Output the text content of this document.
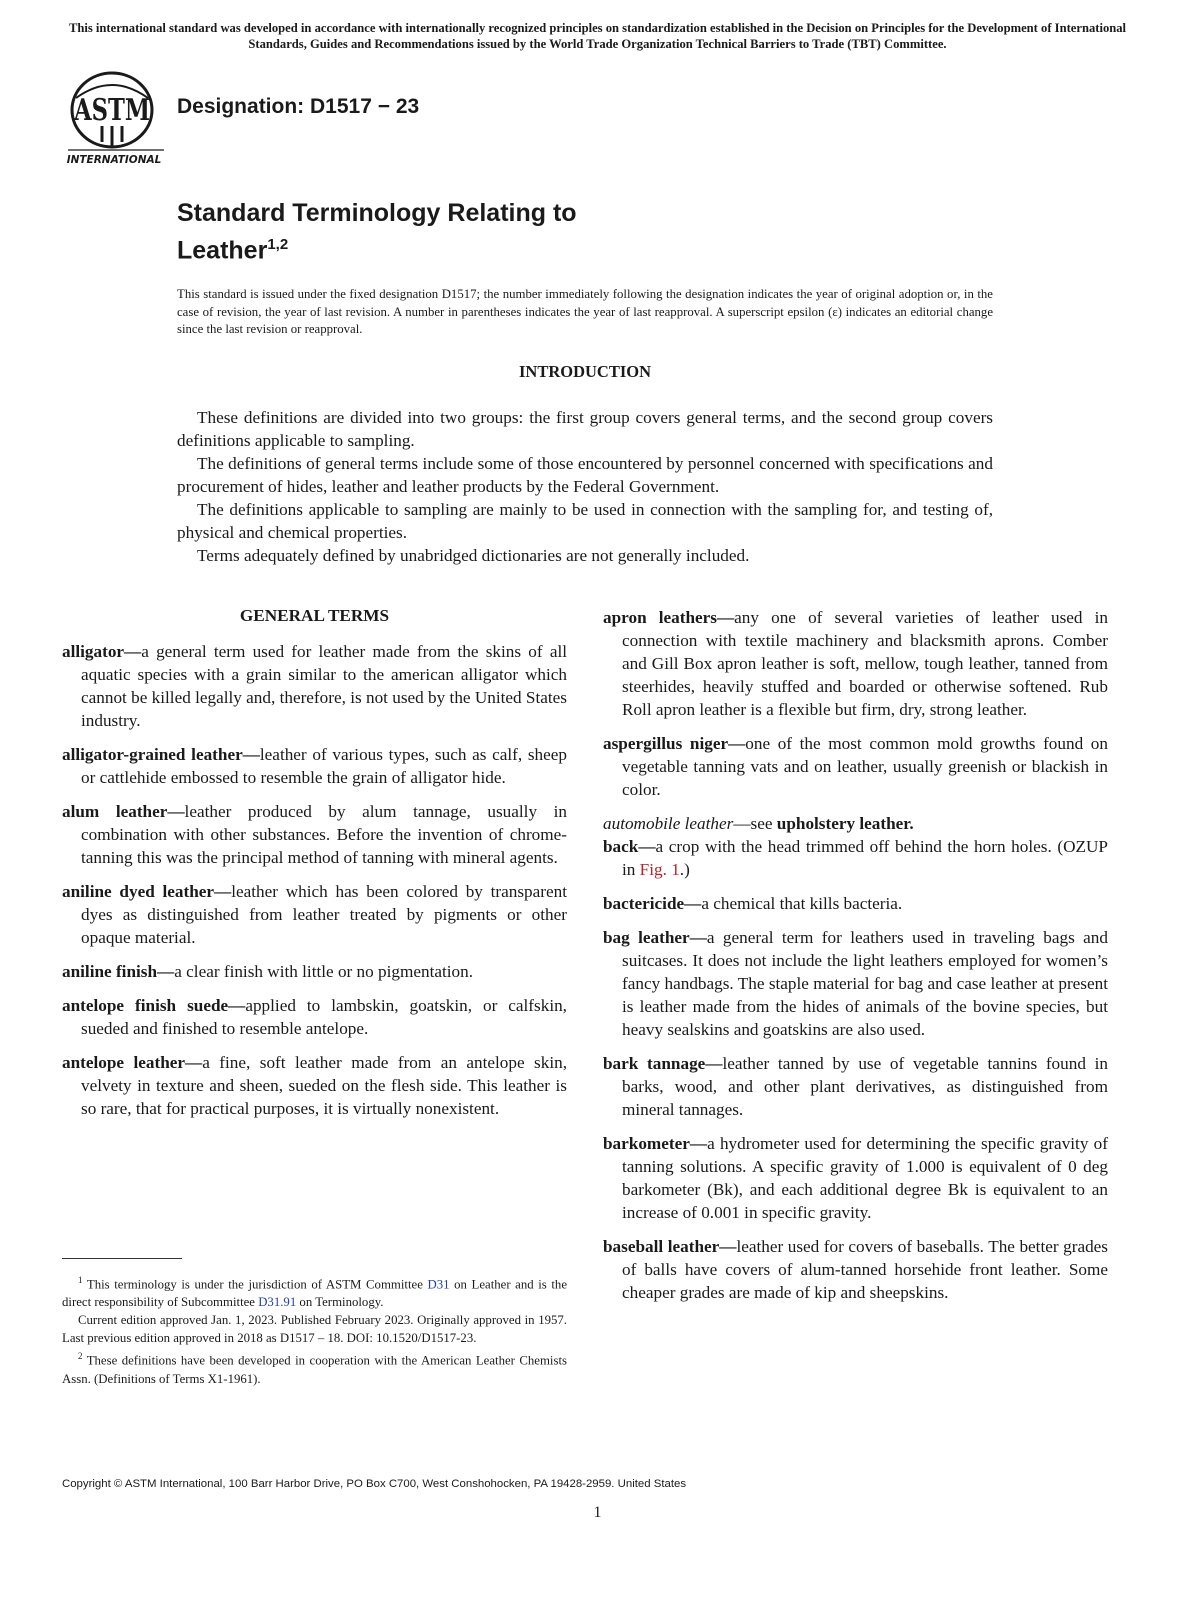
This international standard was developed in accordance with internationally recognized principles on standardization established in the Decision on Principles for the Development of International Standards, Guides and Recommendations issued by the World Trade Organization Technical Barriers to Trade (TBT) Committee.
ASTM
INTERNATIONAL
Designation: D1517 − 23
Standard Terminology Relating to
Leather$^{1,2}$
This standard is issued under the fixed designation D1517; the number immediately following the designation indicates the year of original adoption or, in the case of revision, the year of last revision. A number in parentheses indicates the year of last reapproval. A superscript epsilon (ε) indicates an editorial change since the last revision or reapproval.
INTRODUCTION

These definitions are divided into two groups: the first group covers general terms, and the second group covers definitions applicable to sampling.

The definitions of general terms include some of those encountered by personnel concerned with specifications and procurement of hides, leather and leather products by the Federal Government.

The definitions applicable to sampling are mainly to be used in connection with the sampling for, and testing of, physical and chemical properties.

Terms adequately defined by unabridged dictionaries are not generally included.

GENERAL TERMS

alligator—a general term used for leather made from the skins of all aquatic species with a grain similar to the american alligator which cannot be killed legally and, therefore, is not used by the United States industry.

alligator-grained leather—leather of various types, such as calf, sheep or cattlehide embossed to resemble the grain of alligator hide.

alum leather—leather produced by alum tannage, usually in combination with other substances. Before the invention of chrome-tanning this was the principal method of tanning with mineral agents.

aniline dyed leather—leather which has been colored by transparent dyes as distinguished from leather treated by pigments or other opaque material.

aniline finish—a clear finish with little or no pigmentation.

antelope finish suede—applied to lambskin, goatskin, or calfskin, sueded and finished to resemble antelope.

antelope leather—a fine, soft leather made from an antelope skin, velvety in texture and sheen, sueded on the flesh side. This leather is so rare, that for practical purposes, it is virtually nonexistent.

apron leathers—any one of several varieties of leather used in connection with textile machinery and blacksmith aprons. Comber and Gill Box apron leather is soft, mellow, tough leather, tanned from steerhides, heavily stuffed and boarded or otherwise softened. Rub Roll apron leather is a flexible but firm, dry, strong leather.

aspergillus niger—one of the most common mold growths found on vegetable tanning vats and on leather, usually greenish or blackish in color.

automobile leather—see upholstery leather.

back—a crop with the head trimmed off behind the horn holes. (OZUP in Fig. 1.)

bactericide—a chemical that kills bacteria.

bag leather—a general term for leathers used in traveling bags and suitcases. It does not include the light leathers employed for women’s fancy handbags. The staple material for bag and case leather at present is leather made from the hides of animals of the bovine species, but heavy sealskins and goatskins are also used.

bark tannage—leather tanned by use of vegetable tannins found in barks, wood, and other plant derivatives, as distinguished from mineral tannages.

barkometer—a hydrometer used for determining the specific gravity of tanning solutions. A specific gravity of 1.000 is equivalent of 0 deg barkometer (Bk), and each additional degree Bk is equivalent to an increase of 0.001 in specific gravity.

baseball leather—leather used for covers of baseballs. The better grades of balls have covers of alum-tanned horsehide front leather. Some cheaper grades are made of kip and sheepskins.

$^1$ This terminology is under the jurisdiction of ASTM Committee D31 on Leather and is the direct responsibility of Subcommittee D31.91 on Terminology.

Current edition approved Jan. 1, 2023. Published February 2023. Originally approved in 1957. Last previous edition approved in 2018 as D1517 – 18. DOI: 10.1520/D1517-23.

$^2$ These definitions have been developed in cooperation with the American Leather Chemists Assn. (Definitions of Terms X1-1961).

Copyright © ASTM International, 100 Barr Harbor Drive, PO Box C700, West Conshohocken, PA 19428-2959. United States
1
